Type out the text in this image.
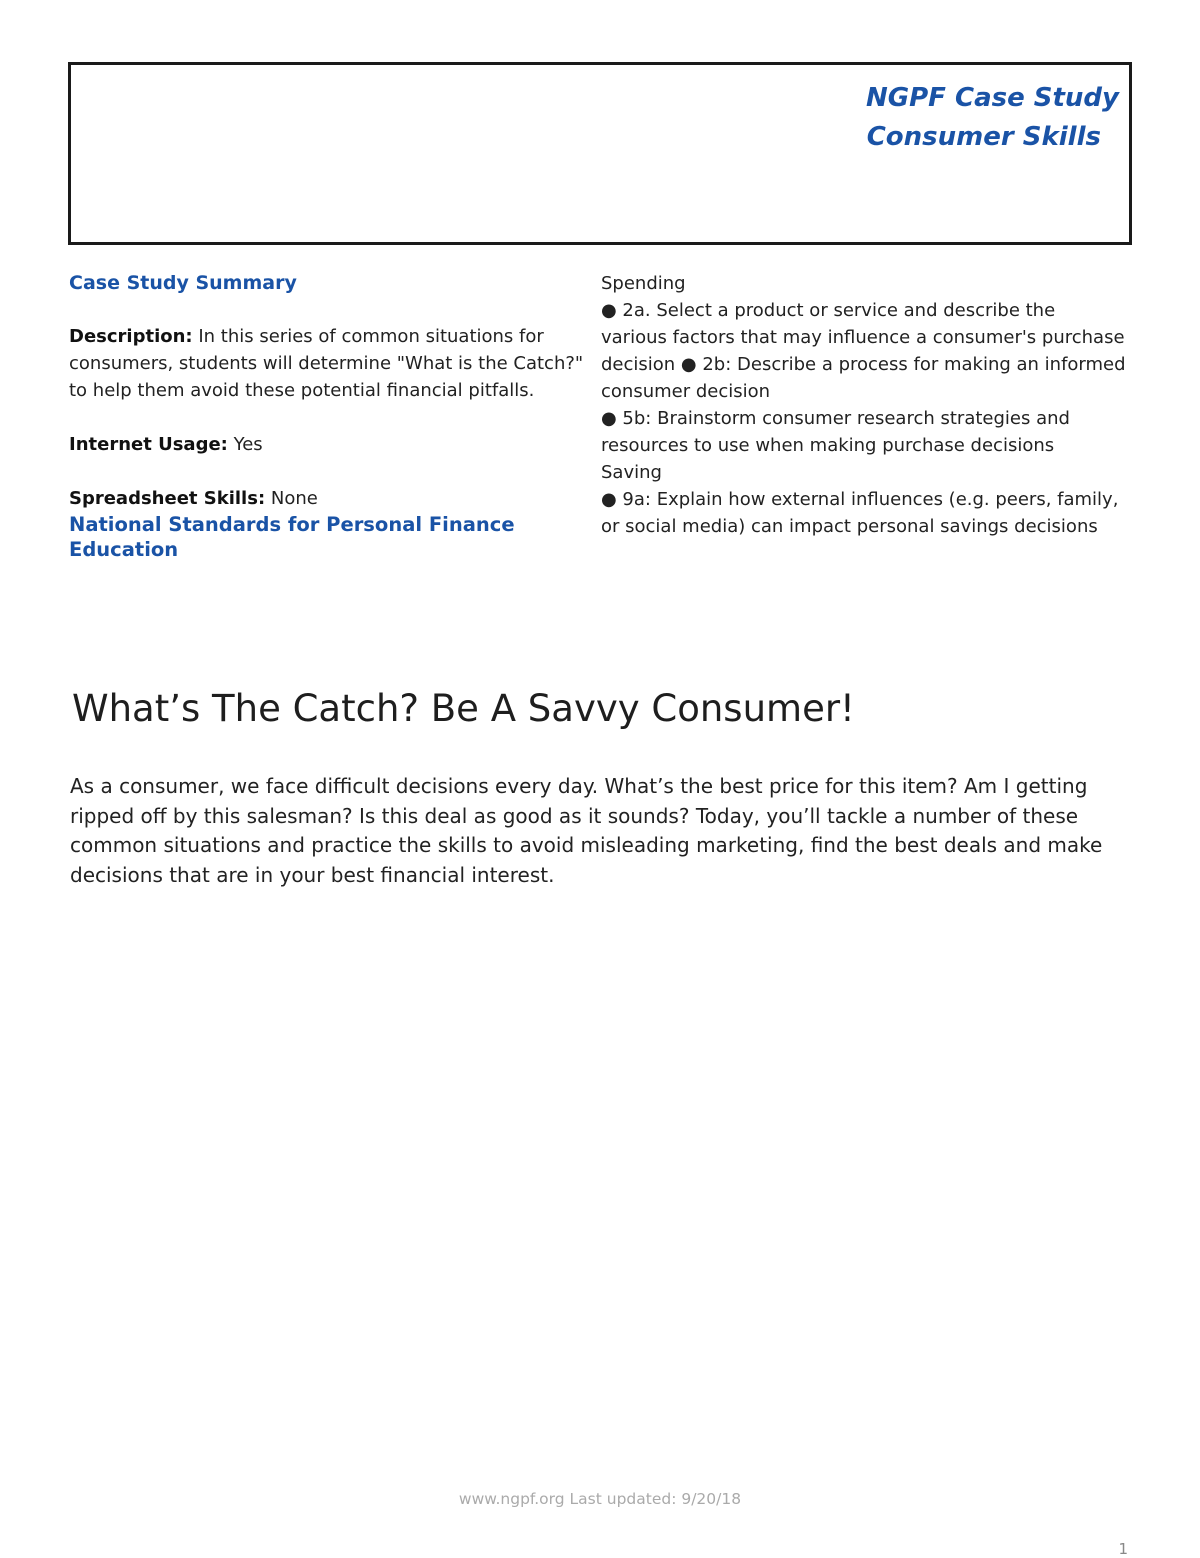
NGPF Case Study
Consumer Skills
Case Study Summary
Description: In this series of common situations for consumers, students will determine "What is the Catch?" to help them avoid these potential financial pitfalls.
Internet Usage: Yes
Spreadsheet Skills: None
National Standards for Personal Finance Education
Spending
● 2a. Select a product or service and describe the various factors that may influence a consumer's purchase decision ● 2b: Describe a process for making an informed consumer decision
● 5b: Brainstorm consumer research strategies and resources to use when making purchase decisions
Saving
● 9a: Explain how external influences (e.g. peers, family, or social media) can impact personal savings decisions
What’s The Catch? Be A Savvy Consumer!

As a consumer, we face difficult decisions every day. What’s the best price for this item? Am I getting ripped off by this salesman? Is this deal as good as it sounds? Today, you’ll tackle a number of these common situations and practice the skills to avoid misleading marketing, find the best deals and make decisions that are in your best financial interest.

www.ngpf.org Last updated: 9/20/18
1
